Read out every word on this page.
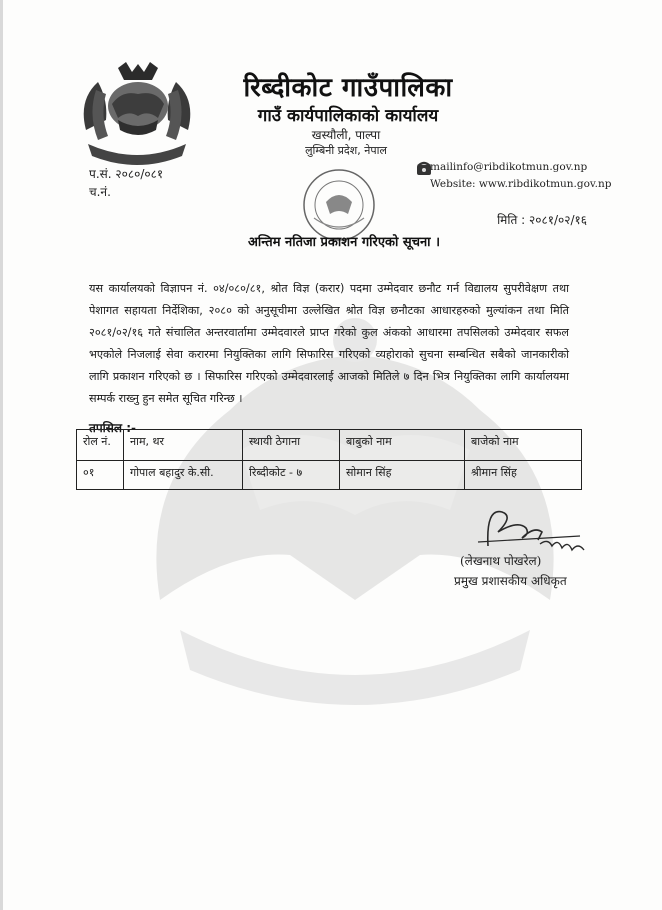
रिब्दीकोट गाउँपालिका
गाउँ कार्यपालिकाको कार्यालय
खस्यौली, पाल्पा
लुम्बिनी प्रदेश, नेपाल
प.सं. २०८०/०८१
च.नं.
mailinfo@ribdikotmun.gov.np
Website: www.ribdikotmun.gov.np
मिति : २०८१/०२/१६
अन्तिम नतिजा प्रकाशन गरिएको सूचना ।
यस कार्यालयको विज्ञापन नं. ०४/०८०/८१, श्रोत विज्ञ (करार) पदमा उम्मेदवार छनौट गर्न विद्यालय सुपरीवेक्षण तथा पेशागत सहायता निर्देशिका, २०८० को अनुसूचीमा उल्लेखित श्रोत विज्ञ छनौटका आधारहरुको मुल्यांकन तथा मिति २०८१/०२/१६ गते संचालित अन्तरवार्तामा उम्मेदवारले प्राप्त गरेको कुल अंकको आधारमा तपसिलको उम्मेदवार सफल भएकोले निजलाई सेवा करारमा नियुक्तिका लागि सिफारिस गरिएको व्यहोराको सुचना सम्बन्धित सबैको जानकारीको लागि प्रकाशन गरिएको छ । सिफारिस गरिएको उम्मेदवारलाई आजको मितिले ७ दिन भित्र नियुक्तिका लागि कार्यालयमा सम्पर्क राख्नु हुन समेत सूचित गरिन्छ ।
तपसिल :-
रोल नं.	नाम, थर	स्थायी ठेगाना	बाबुको नाम	बाजेको नाम
०१	गोपाल बहादुर के.सी.	रिब्दीकोट - ७	सोमान सिंह	श्रीमान सिंह
(लेखनाथ पोखरेल)
प्रमुख प्रशासकीय अधिकृत
